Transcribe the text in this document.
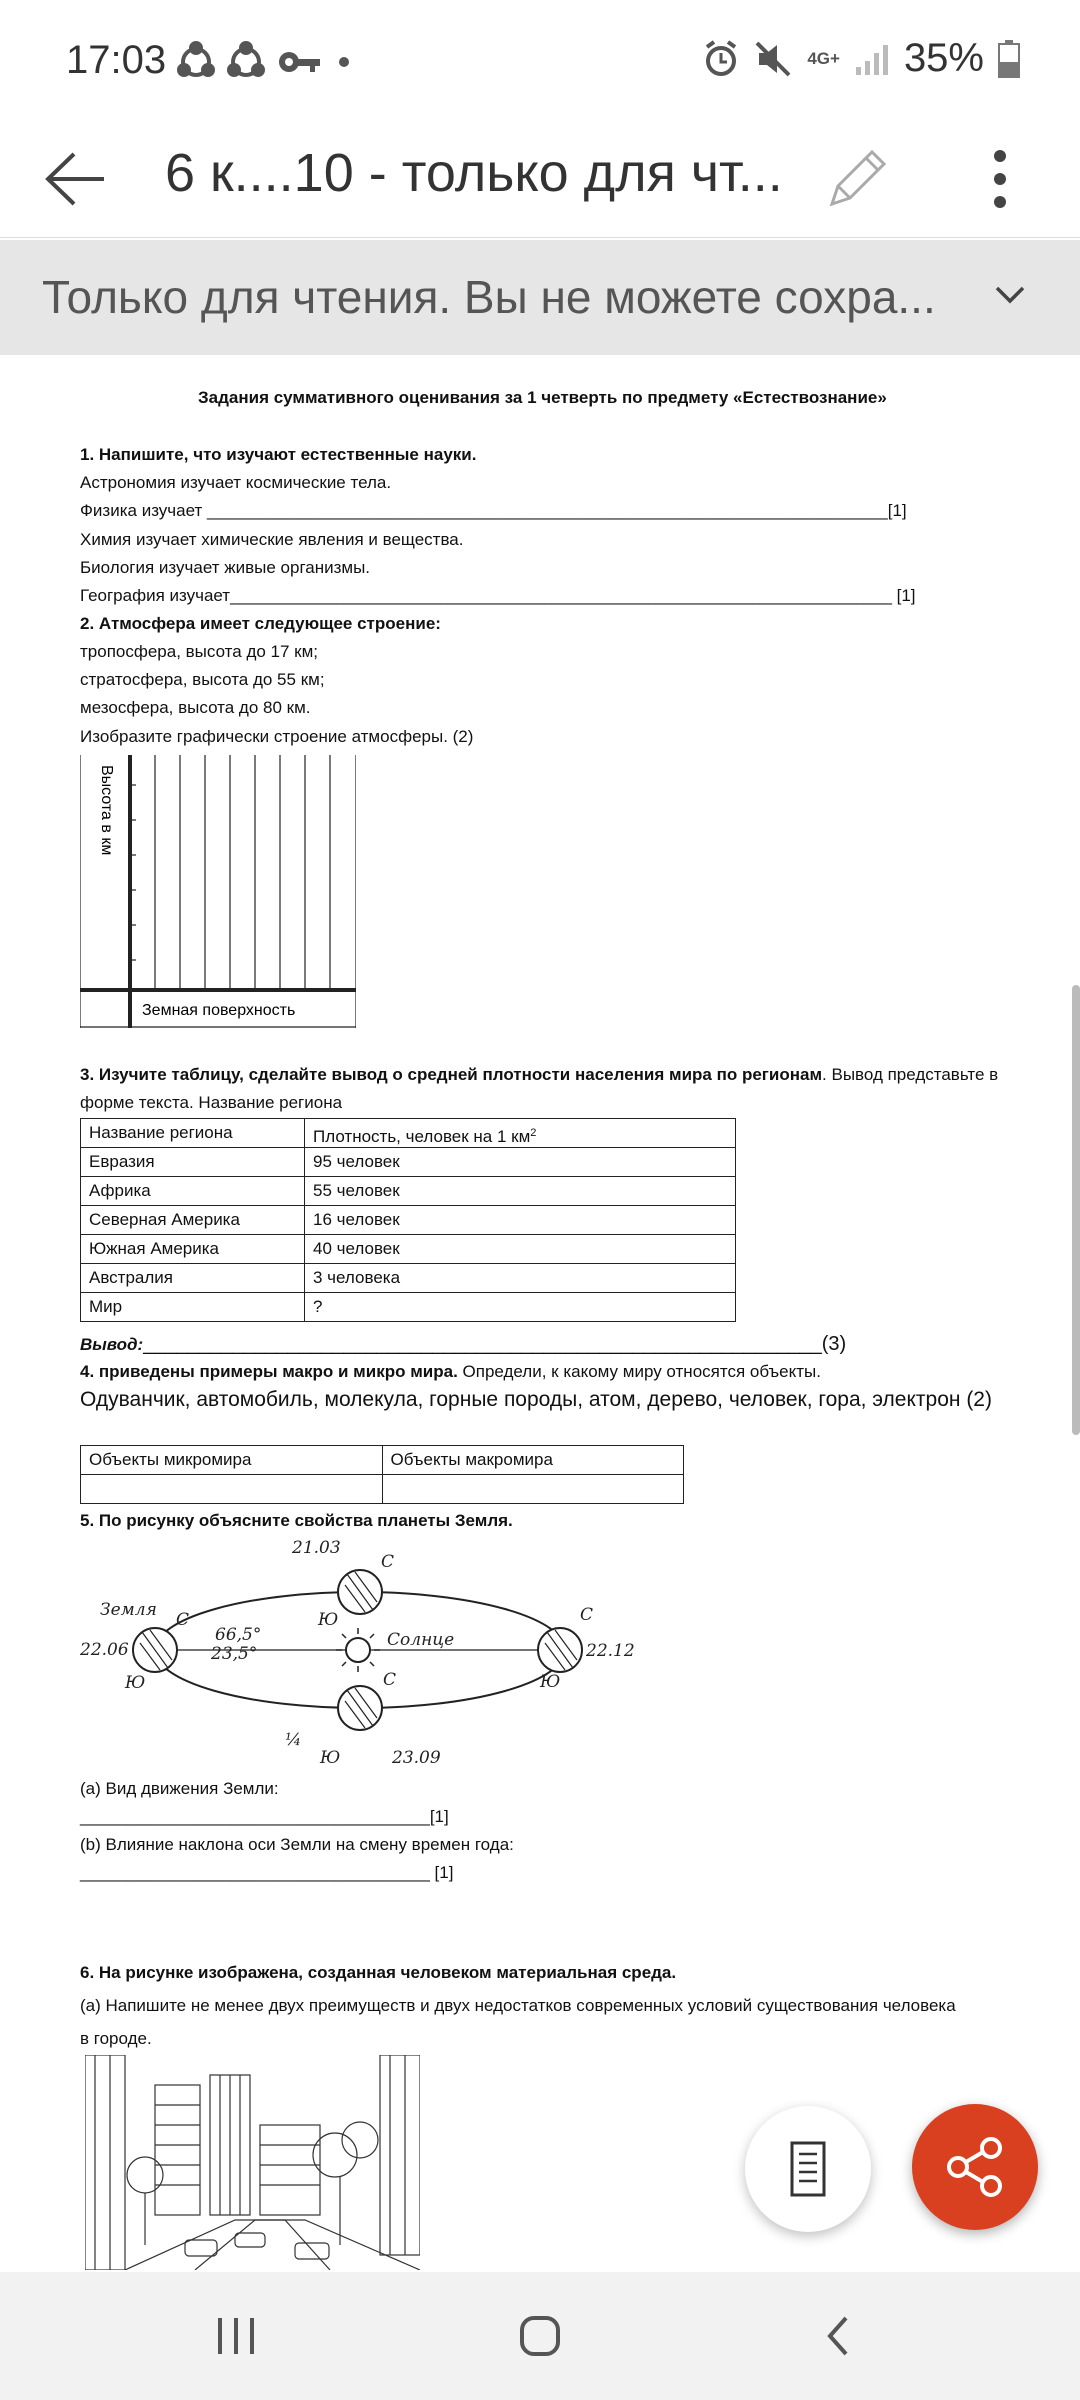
17:03	4G+ 35%
6 к....10 - только для чт...
Только для чтения. Вы не можете сохра...
Задания суммативного оценивания за 1 четверть по предмету «Естествознание»
1. Напишите, что изучают естественные науки.
Астрономия изучает космические тела.
Физика изучает ________________________________________________________________________[1]
Химия изучает химические явления и вещества.
Биология изучает живые организмы.
География изучает______________________________________________________________________ [1]
2. Атмосфера имеет следующее строение:
тропосфера, высота до 17 км;
стратосфера, высота до 55 км;
мезосфера, высота до 80 км.
Изобразите графически строение атмосферы. (2)
Высота в км
Земная поверхность
3. Изучите таблицу, сделайте вывод о средней плотности населения мира по регионам. Вывод представьте в
форме текста. Название региона
Название региона	Плотность, человек на 1 $км^2$
Евразия	95 человек
Африка	55 человек
Северная Америка	16 человек
Южная Америка	40 человек
Австралия	3 человека
Мир	?
Вывод:_____________________________________________________________(3)
4. приведены примеры макро и микро мира. Определи, к какому миру относятся объекты.
Одуванчик, автомобиль, молекула, горные породы, атом, дерево, человек, гора, электрон (2)
Объекты микромира	Объекты макромира

5. По рисунку объясните свойства планеты Земля.
Земля
22.06
21.03
22.12
23.09
Солнце
66,5°
23,5°
С
Ю
С
Ю	С
Ю
С
Ю
¼
(a) Вид движения Земли:
_____________________________________[1]
(b) Влияние наклона оси Земли на смену времен года:
_____________________________________ [1]
6. На рисунке изображена, созданная человеком материальная среда.
(a) Напишите не менее двух преимуществ и двух недостатков современных условий существования человека
в городе.
